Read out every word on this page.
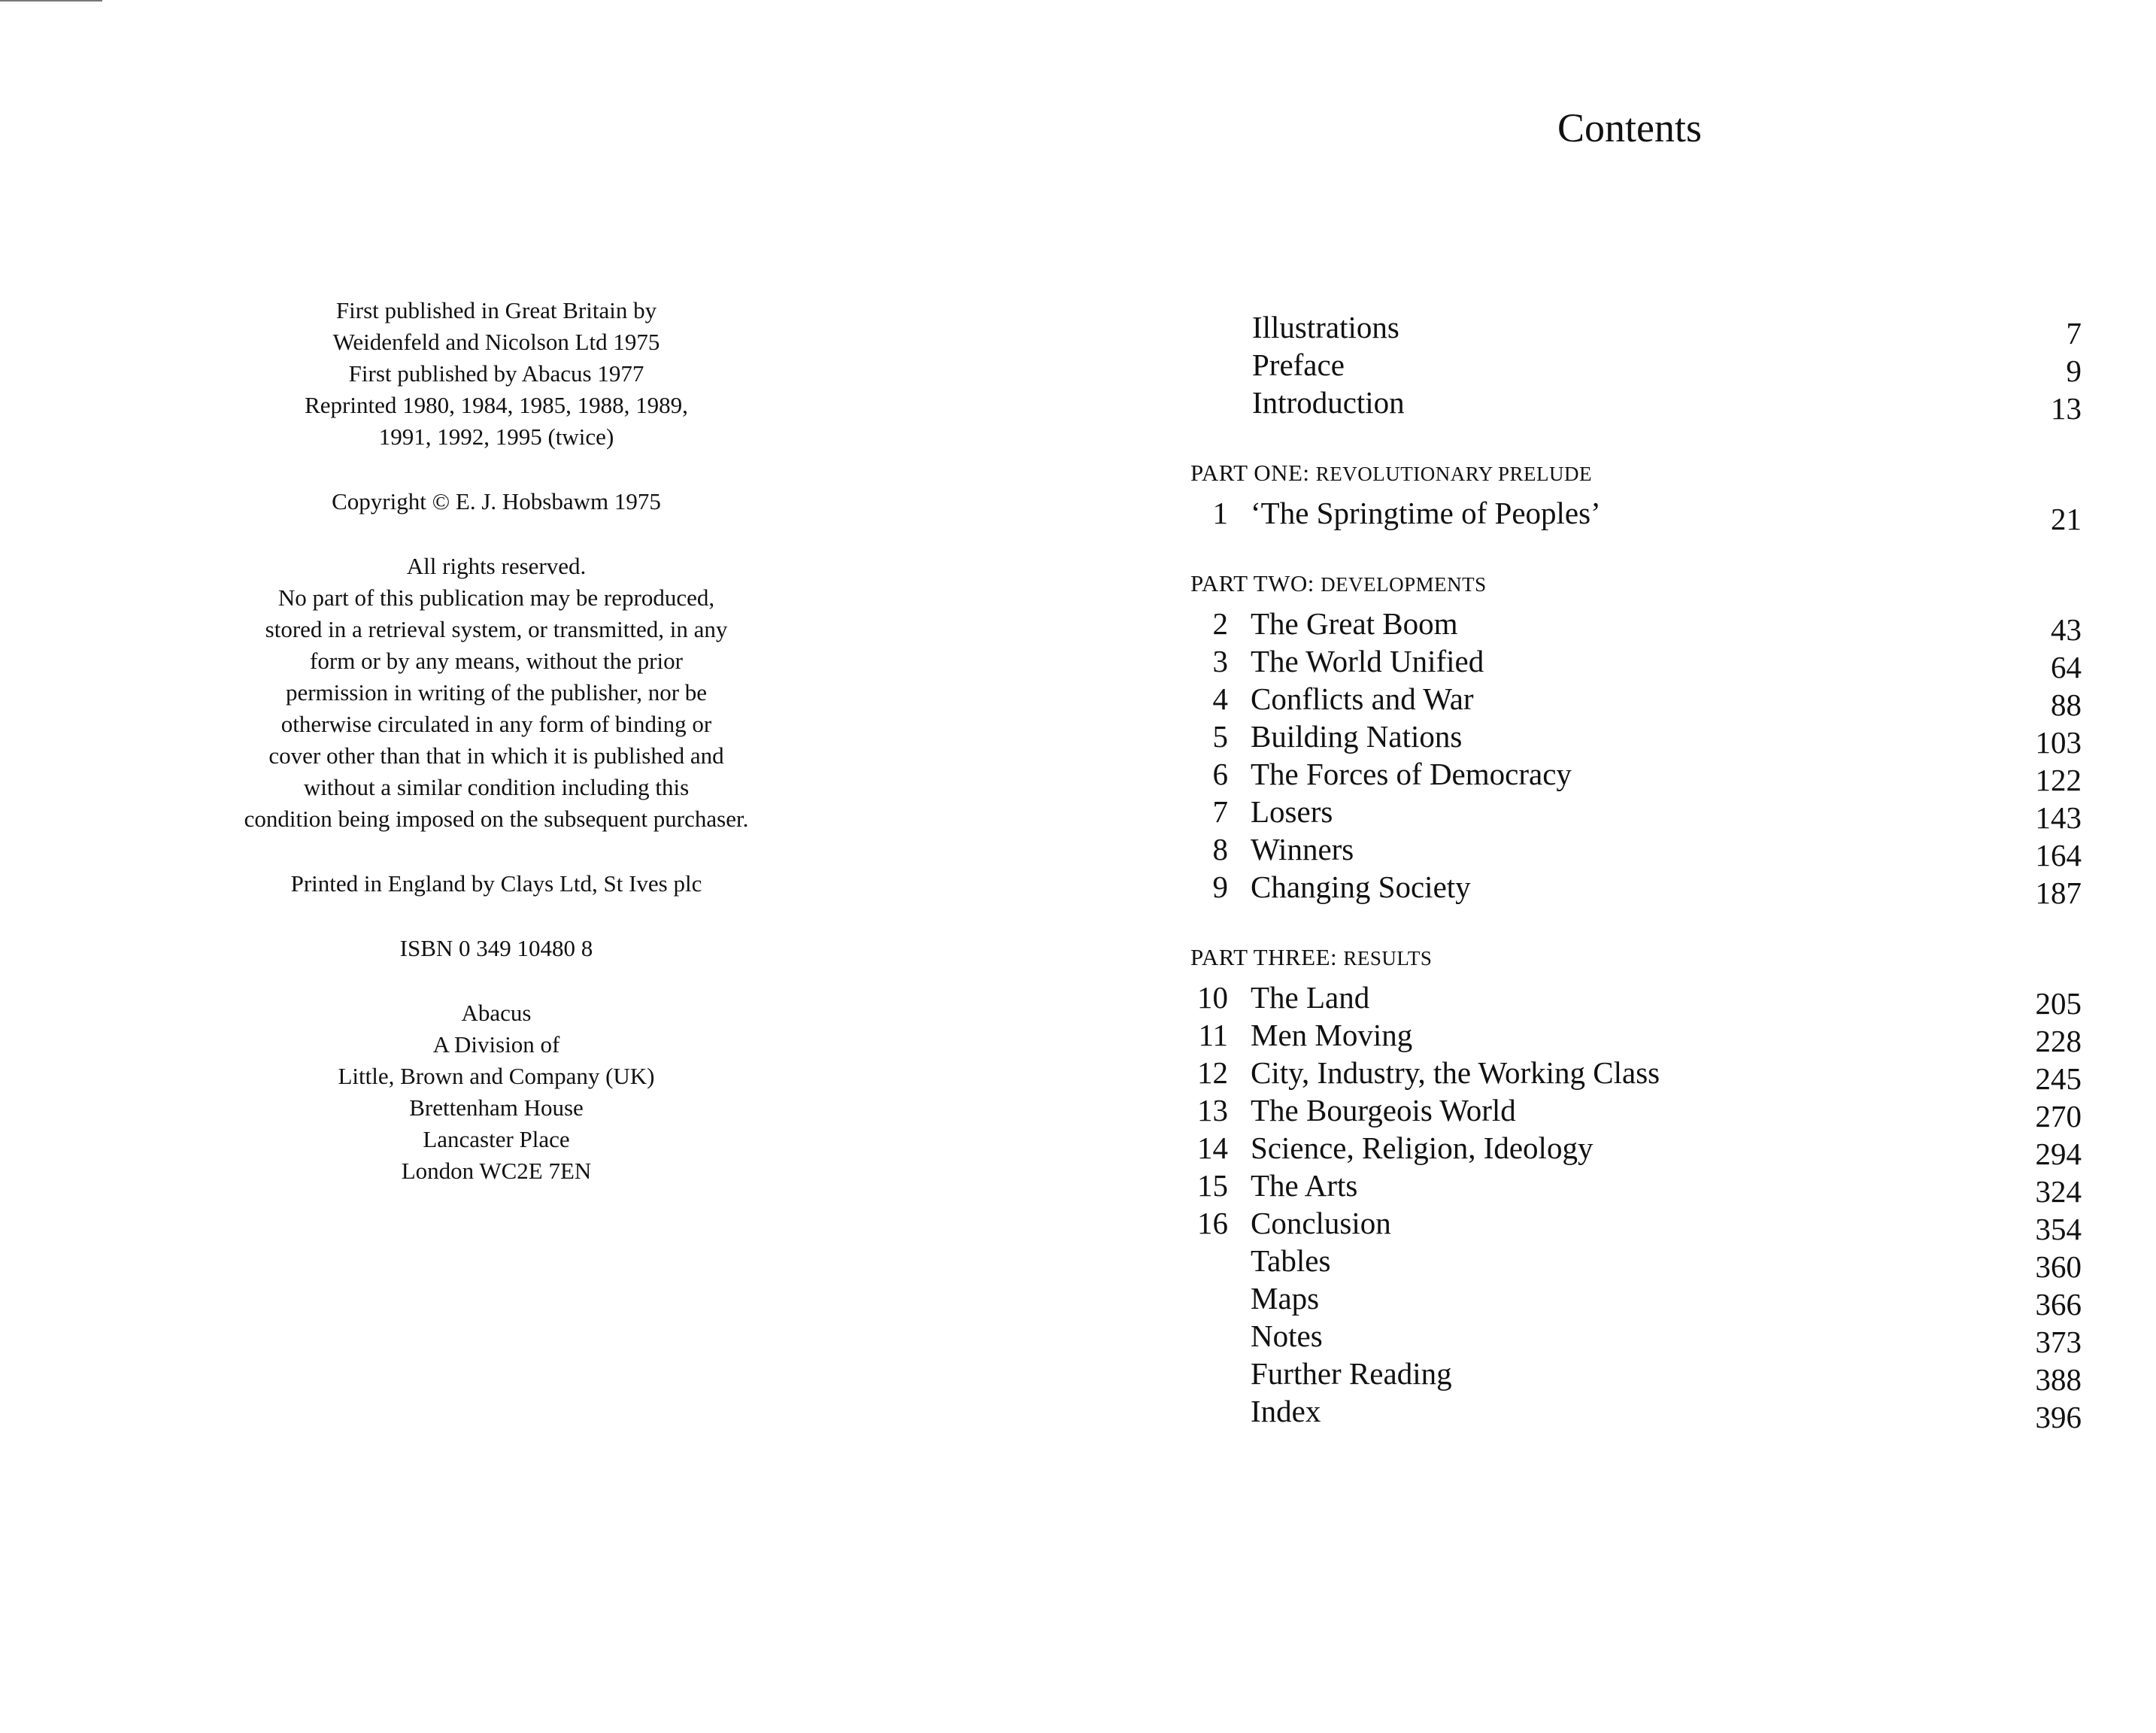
First published in Great Britain by
Weidenfeld and Nicolson Ltd 1975
First published by Abacus 1977
Reprinted 1980, 1984, 1985, 1988, 1989,
1991, 1992, 1995 (twice)
Copyright © E. J. Hobsbawm 1975
All rights reserved.
No part of this publication may be reproduced,
stored in a retrieval system, or transmitted, in any
form or by any means, without the prior
permission in writing of the publisher, nor be
otherwise circulated in any form of binding or
cover other than that in which it is published and
without a similar condition including this
condition being imposed on the subsequent purchaser.
Printed in England by Clays Ltd, St Ives plc
ISBN 0 349 10480 8
Abacus
A Division of
Little, Brown and Company (UK)
Brettenham House
Lancaster Place
London WC2E 7EN
Contents
Illustrations	7
Preface	9
Introduction	13
PART ONE: REVOLUTIONARY PRELUDE
1 ‘The Springtime of Peoples’	21
PART TWO: DEVELOPMENTS
2 The Great Boom	43
3 The World Unified	64
4 Conflicts and War	88
5 Building Nations	103
6 The Forces of Democracy	122
7 Losers	143
8 Winners	164
9 Changing Society	187
PART THREE: RESULTS
10 The Land	205
11 Men Moving	228
12 City, Industry, the Working Class	245
13 The Bourgeois World	270
14 Science, Religion, Ideology	294
15 The Arts	324
16 Conclusion	354
Tables	360
Maps	366
Notes	373
Further Reading	388
Index	396
